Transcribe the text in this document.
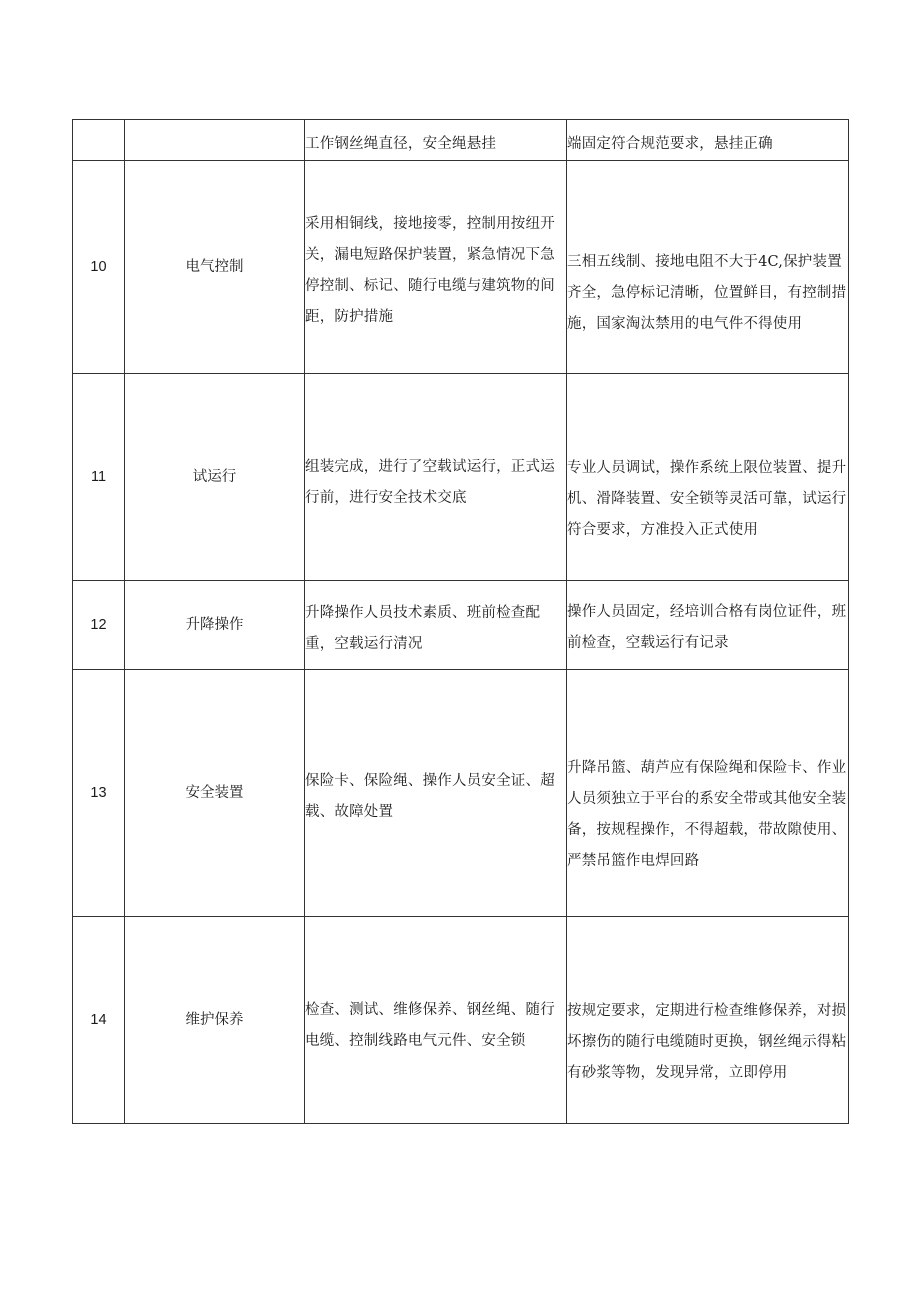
		工作钢丝绳直径，安全绳悬挂	端固定符合规范要求，悬挂正确

10	电气控制	采用相铜线，接地接零，控制用按纽开关，漏电短路保护装置，紧急情况下急停控制、标记、随行电缆与建筑物的间距，防护措施	三相五线制、接地电阻不大于4C,保护装置齐全，急停标记清晰，位置鲜目，有控制措施，国家淘汰禁用的电气件不得使用

11	试运行	组装完成，进行了空载试运行，正式运行前，进行安全技术交底	专业人员调试，操作系统上限位装置、提升机、滑降装置、安全锁等灵活可靠，试运行符合要求，方准投入正式使用

12	升降操作	升降操作人员技术素质、班前检查配重，空载运行清况	操作人员固定，经培训合格有岗位证件，班前检查，空载运行有记录

13	安全装置	保险卡、保险绳、操作人员安全证、超载、故障处置	升降吊篮、葫芦应有保险绳和保险卡、作业人员须独立于平台的系安全带或其他安全装备，按规程操作，不得超载，带故隙使用、严禁吊篮作电焊回路

14	维护保养	检查、测试、维修保养、钢丝绳、随行电缆、控制线路电气元件、安全锁	按规定要求，定期进行检查维修保养，对损坏擦伤的随行电缆随时更换，钢丝绳示得粘有砂浆等物，发现异常，立即停用
